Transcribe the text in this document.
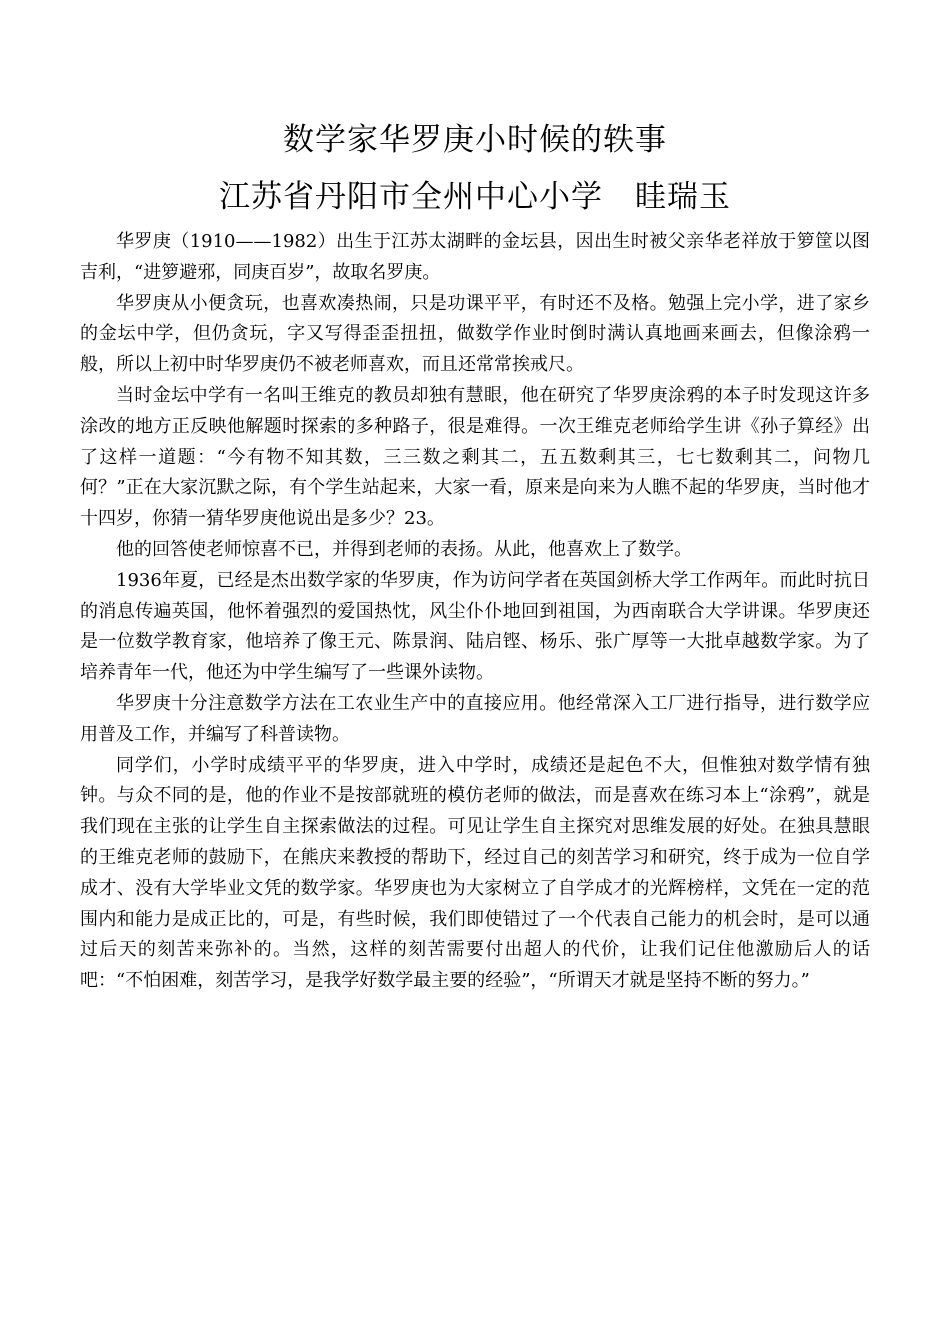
数学家华罗庚小时候的轶事
江苏省丹阳市全州中心小学　眭瑞玉

华罗庚（1910——1982）出生于江苏太湖畔的金坛县，因出生时被父亲华老祥放于箩筐以图吉利，“进箩避邪，同庚百岁”，故取名罗庚。

华罗庚从小便贪玩，也喜欢凑热闹，只是功课平平，有时还不及格。勉强上完小学，进了家乡的金坛中学，但仍贪玩，字又写得歪歪扭扭，做数学作业时倒时满认真地画来画去，但像涂鸦一般，所以上初中时华罗庚仍不被老师喜欢，而且还常常挨戒尺。

当时金坛中学有一名叫王维克的教员却独有慧眼，他在研究了华罗庚涂鸦的本子时发现这许多涂改的地方正反映他解题时探索的多种路子，很是难得。一次王维克老师给学生讲《孙子算经》出了这样一道题：“今有物不知其数，三三数之剩其二，五五数剩其三，七七数剩其二，问物几何？”正在大家沉默之际，有个学生站起来，大家一看，原来是向来为人瞧不起的华罗庚，当时他才十四岁，你猜一猜华罗庚他说出是多少？23。

他的回答使老师惊喜不已，并得到老师的表扬。从此，他喜欢上了数学。

1936年夏，已经是杰出数学家的华罗庚，作为访问学者在英国剑桥大学工作两年。而此时抗日的消息传遍英国，他怀着强烈的爱国热忱，风尘仆仆地回到祖国，为西南联合大学讲课。华罗庚还是一位数学教育家，他培养了像王元、陈景润、陆启铿、杨乐、张广厚等一大批卓越数学家。为了培养青年一代，他还为中学生编写了一些课外读物。

华罗庚十分注意数学方法在工农业生产中的直接应用。他经常深入工厂进行指导，进行数学应用普及工作，并编写了科普读物。

同学们，小学时成绩平平的华罗庚，进入中学时，成绩还是起色不大，但惟独对数学情有独钟。与众不同的是，他的作业不是按部就班的模仿老师的做法，而是喜欢在练习本上“涂鸦”，就是我们现在主张的让学生自主探索做法的过程。可见让学生自主探究对思维发展的好处。在独具慧眼的王维克老师的鼓励下，在熊庆来教授的帮助下，经过自己的刻苦学习和研究，终于成为一位自学成才、没有大学毕业文凭的数学家。华罗庚也为大家树立了自学成才的光辉榜样，文凭在一定的范围内和能力是成正比的，可是，有些时候，我们即使错过了一个代表自己能力的机会时，是可以通过后天的刻苦来弥补的。当然，这样的刻苦需要付出超人的代价，让我们记住他激励后人的话吧：“不怕困难，刻苦学习，是我学好数学最主要的经验”，“所谓天才就是坚持不断的努力。”
